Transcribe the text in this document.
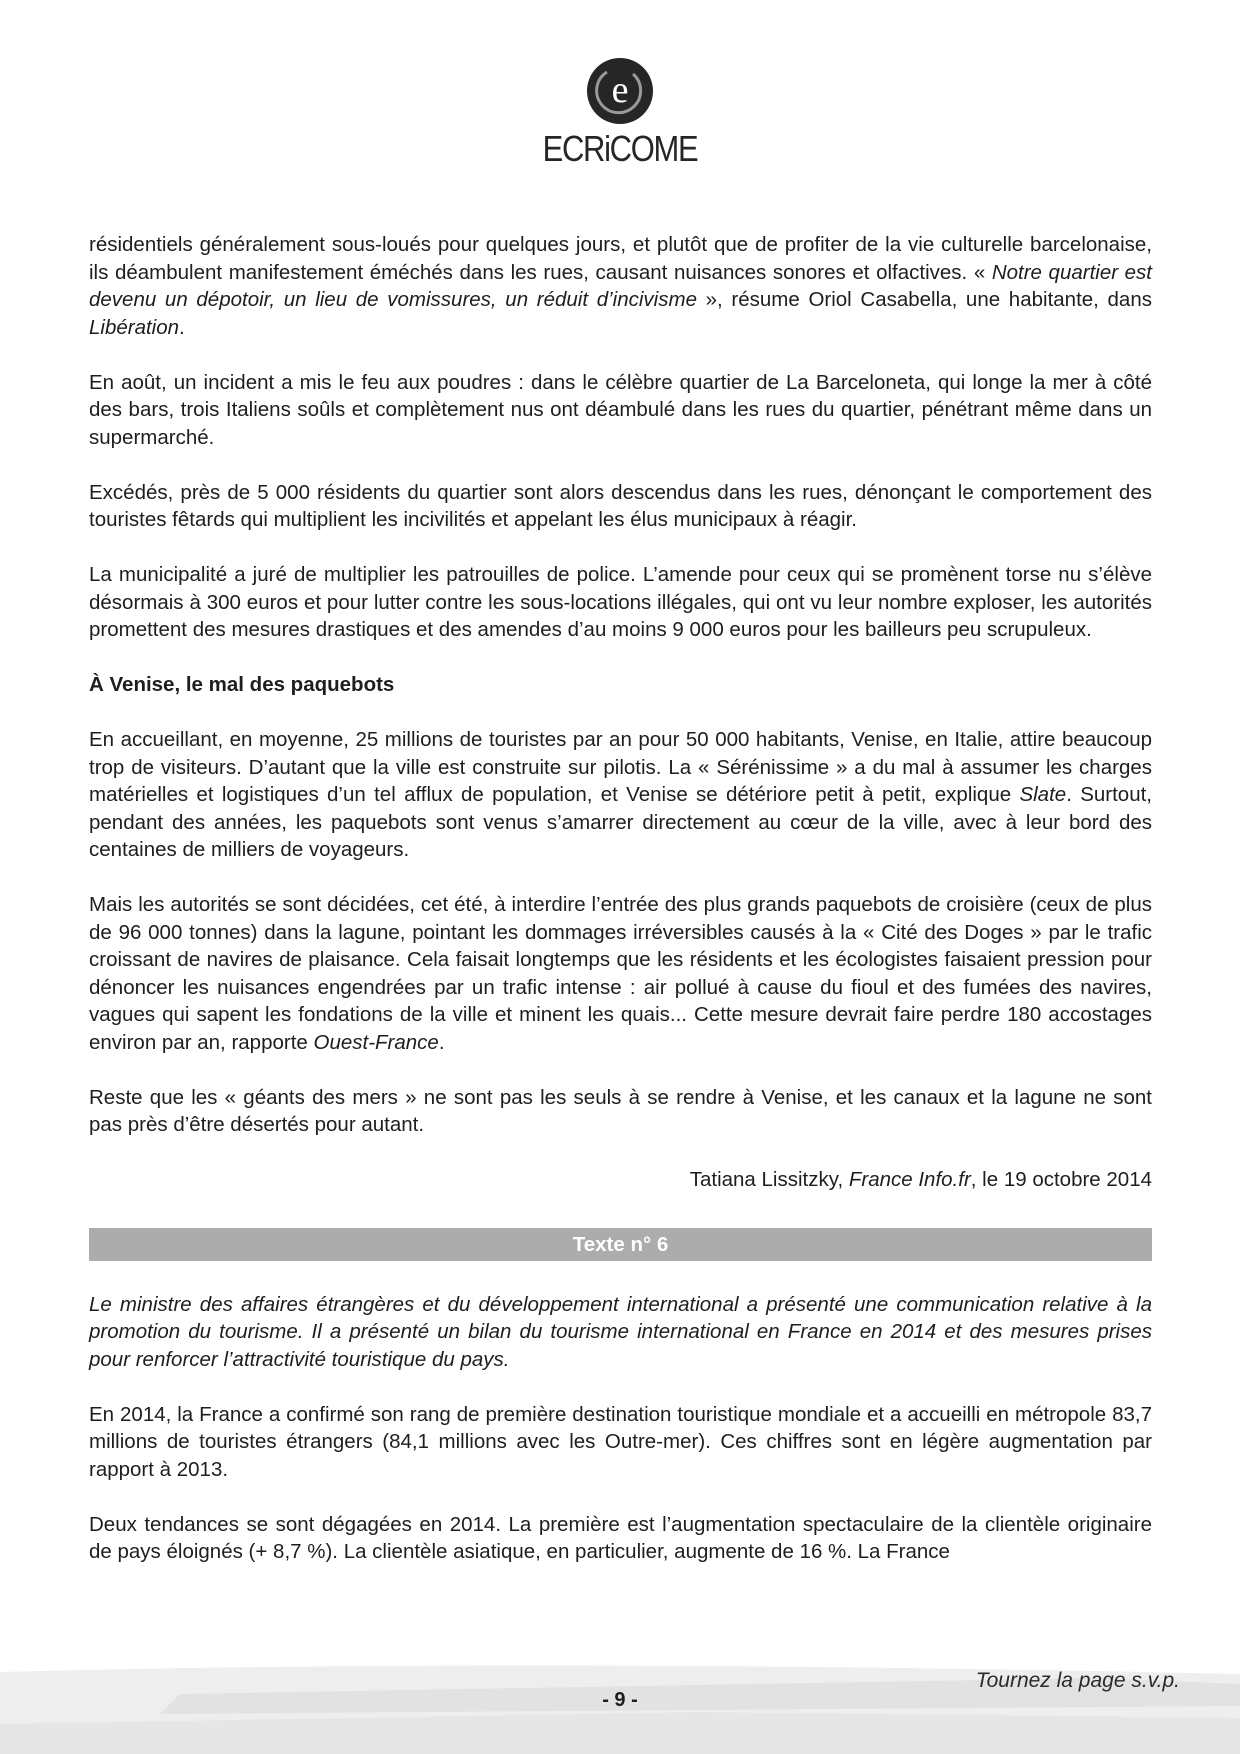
e
ECRiCOME

résidentiels généralement sous-loués pour quelques jours, et plutôt que de profiter de la vie culturelle barcelonaise, ils déambulent manifestement éméchés dans les rues, causant nuisances sonores et olfactives. « Notre quartier est devenu un dépotoir, un lieu de vomissures, un réduit d’incivisme », résume Oriol Casabella, une habitante, dans Libération.

En août, un incident a mis le feu aux poudres : dans le célèbre quartier de La Barceloneta, qui longe la mer à côté des bars, trois Italiens soûls et complètement nus ont déambulé dans les rues du quartier, pénétrant même dans un supermarché.

Excédés, près de 5 000 résidents du quartier sont alors descendus dans les rues, dénonçant le comportement des touristes fêtards qui multiplient les incivilités et appelant les élus municipaux à réagir.

La municipalité a juré de multiplier les patrouilles de police. L’amende pour ceux qui se promènent torse nu s’élève désormais à 300 euros et pour lutter contre les sous-locations illégales, qui ont vu leur nombre exploser, les autorités promettent des mesures drastiques et des amendes d’au moins 9 000 euros pour les bailleurs peu scrupuleux.

À Venise, le mal des paquebots

En accueillant, en moyenne, 25 millions de touristes par an pour 50 000 habitants, Venise, en Italie, attire beaucoup trop de visiteurs. D’autant que la ville est construite sur pilotis. La « Sérénissime » a du mal à assumer les charges matérielles et logistiques d’un tel afflux de population, et Venise se détériore petit à petit, explique Slate. Surtout, pendant des années, les paquebots sont venus s’amarrer directement au cœur de la ville, avec à leur bord des centaines de milliers de voyageurs.

Mais les autorités se sont décidées, cet été, à interdire l’entrée des plus grands paquebots de croisière (ceux de plus de 96 000 tonnes) dans la lagune, pointant les dommages irréversibles causés à la « Cité des Doges » par le trafic croissant de navires de plaisance. Cela faisait longtemps que les résidents et les écologistes faisaient pression pour dénoncer les nuisances engendrées par un trafic intense : air pollué à cause du fioul et des fumées des navires, vagues qui sapent les fondations de la ville et minent les quais... Cette mesure devrait faire perdre 180 accostages environ par an, rapporte Ouest-France.

Reste que les « géants des mers » ne sont pas les seuls à se rendre à Venise, et les canaux et la lagune ne sont pas près d’être désertés pour autant.

Tatiana Lissitzky, France Info.fr, le 19 octobre 2014

Texte n° 6

Le ministre des affaires étrangères et du développement international a présenté une communication relative à la promotion du tourisme. Il a présenté un bilan du tourisme international en France en 2014 et des mesures prises pour renforcer l’attractivité touristique du pays.

En 2014, la France a confirmé son rang de première destination touristique mondiale et a accueilli en métropole 83,7 millions de touristes étrangers (84,1 millions avec les Outre-mer). Ces chiffres sont en légère augmentation par rapport à 2013.

Deux tendances se sont dégagées en 2014. La première est l’augmentation spectaculaire de la clientèle originaire de pays éloignés (+ 8,7 %). La clientèle asiatique, en particulier, augmente de 16 %. La France

Tournez la page s.v.p.
- 9 -
